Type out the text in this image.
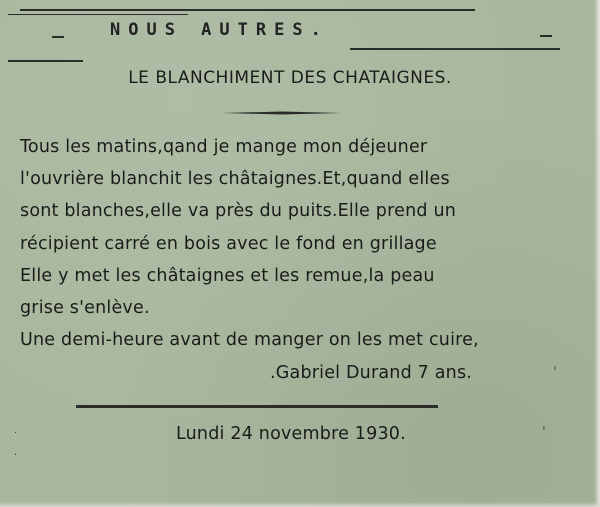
NOUS AUTRES.
LE BLANCHIMENT DES CHATAIGNES.
Tous les matins,qand je mange mon déjeuner
l'ouvrière blanchit les châtaignes.Et,quand elles
sont blanches,elle va près du puits.Elle prend un
récipient carré en bois avec le fond en grillage
Elle y met les châtaignes et les remue,la peau
grise s'enlève.
Une demi-heure avant de manger on les met cuire,
.Gabriel Durand 7 ans.
Lundi 24 novembre 1930.
ˈ
ˈ
·
·
